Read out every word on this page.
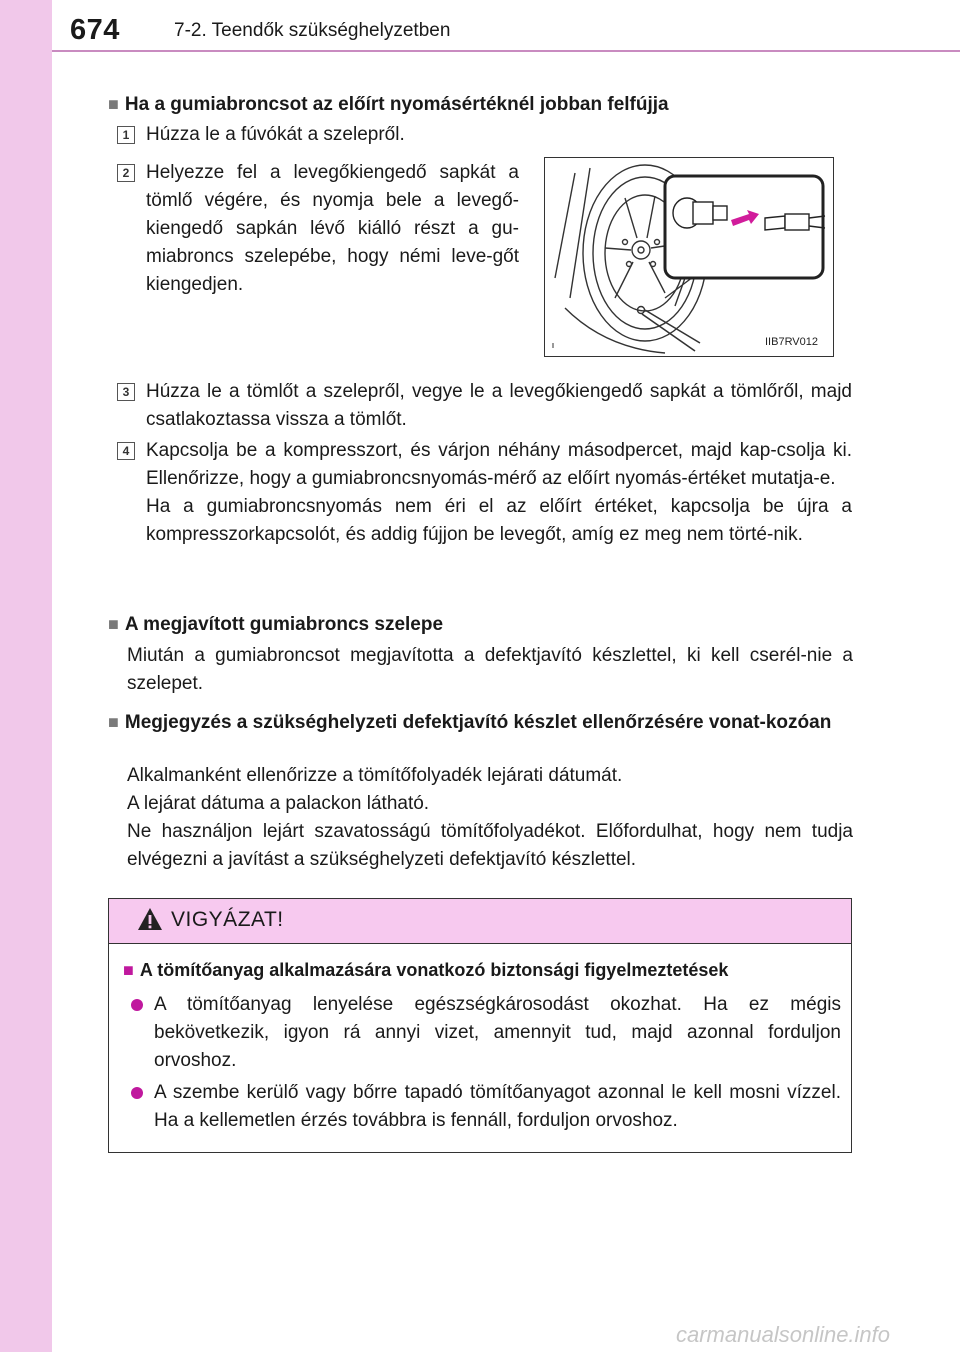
674	7-2. Teendők szükséghelyzetben
■ Ha a gumiabroncsot az előírt nyomásértéknél jobban felfújja
1 Húzza le a fúvókát a szelepről.
2 Helyezze fel a levegőkiengedő sapkát a tömlő végére, és nyomja bele a levegő-kiengedő sapkán lévő kiálló részt a gu-miabroncs szelepébe, hogy némi leve-gőt kiengedjen.
IIB7RV012
3 Húzza le a tömlőt a szelepről, vegye le a levegőkiengedő sapkát a tömlőről, majd csatlakoztassa vissza a tömlőt.
4 Kapcsolja be a kompresszort, és várjon néhány másodpercet, majd kap-csolja ki. Ellenőrizze, hogy a gumiabroncsnyomás-mérő az előírt nyomás-értéket mutatja-e.
Ha a gumiabroncsnyomás nem éri el az előírt értéket, kapcsolja be újra a kompresszorkapcsolót, és addig fújjon be levegőt, amíg ez meg nem törté-nik.
■ A megjavított gumiabroncs szelepe
Miután a gumiabroncsot megjavította a defektjavító készlettel, ki kell cserél-nie a szelepet.
■ Megjegyzés a szükséghelyzeti defektjavító készlet ellenőrzésére vonat-kozóan
Alkalmanként ellenőrizze a tömítőfolyadék lejárati dátumát.
A lejárat dátuma a palackon látható.
Ne használjon lejárt szavatosságú tömítőfolyadékot. Előfordulhat, hogy nem tudja elvégezni a javítást a szükséghelyzeti defektjavító készlettel.
VIGYÁZAT!
■ A tömítőanyag alkalmazására vonatkozó biztonsági figyelmeztetések
A tömítőanyag lenyelése egészségkárosodást okozhat. Ha ez mégis bekövetkezik, igyon rá annyi vizet, amennyit tud, majd azonnal forduljon orvoshoz.
A szembe kerülő vagy bőrre tapadó tömítőanyagot azonnal le kell mosni vízzel. Ha a kellemetlen érzés továbbra is fennáll, forduljon orvoshoz.
carmanualsonline.info
